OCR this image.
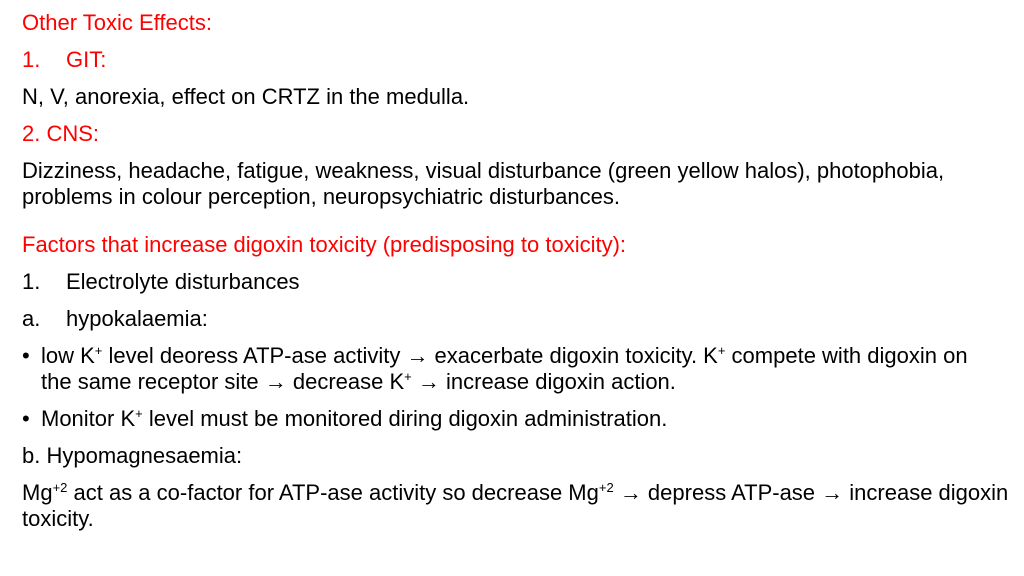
Other Toxic Effects:

1.	GIT:

N, V, anorexia, effect on CRTZ in the medulla.

2. CNS:

Dizziness, headache, fatigue, weakness, visual disturbance (green yellow halos), photophobia, problems in colour perception, neuropsychiatric disturbances.

Factors that increase digoxin toxicity (predisposing to toxicity):

1.	Electrolyte disturbances
a.	hypokalaemia:
• low K+ level deoress ATP-ase activity → exacerbate digoxin toxicity. K+ compete with digoxin on the same receptor site → decrease K+ → increase digoxin action.
• Monitor K+ level must be monitored diring digoxin administration.

b. Hypomagnesaemia:

$Mg^{+2}$ act as a co-factor for ATP-ase activity so decrease $Mg^{+2}$ → depress ATP-ase → increase digoxin toxicity.
